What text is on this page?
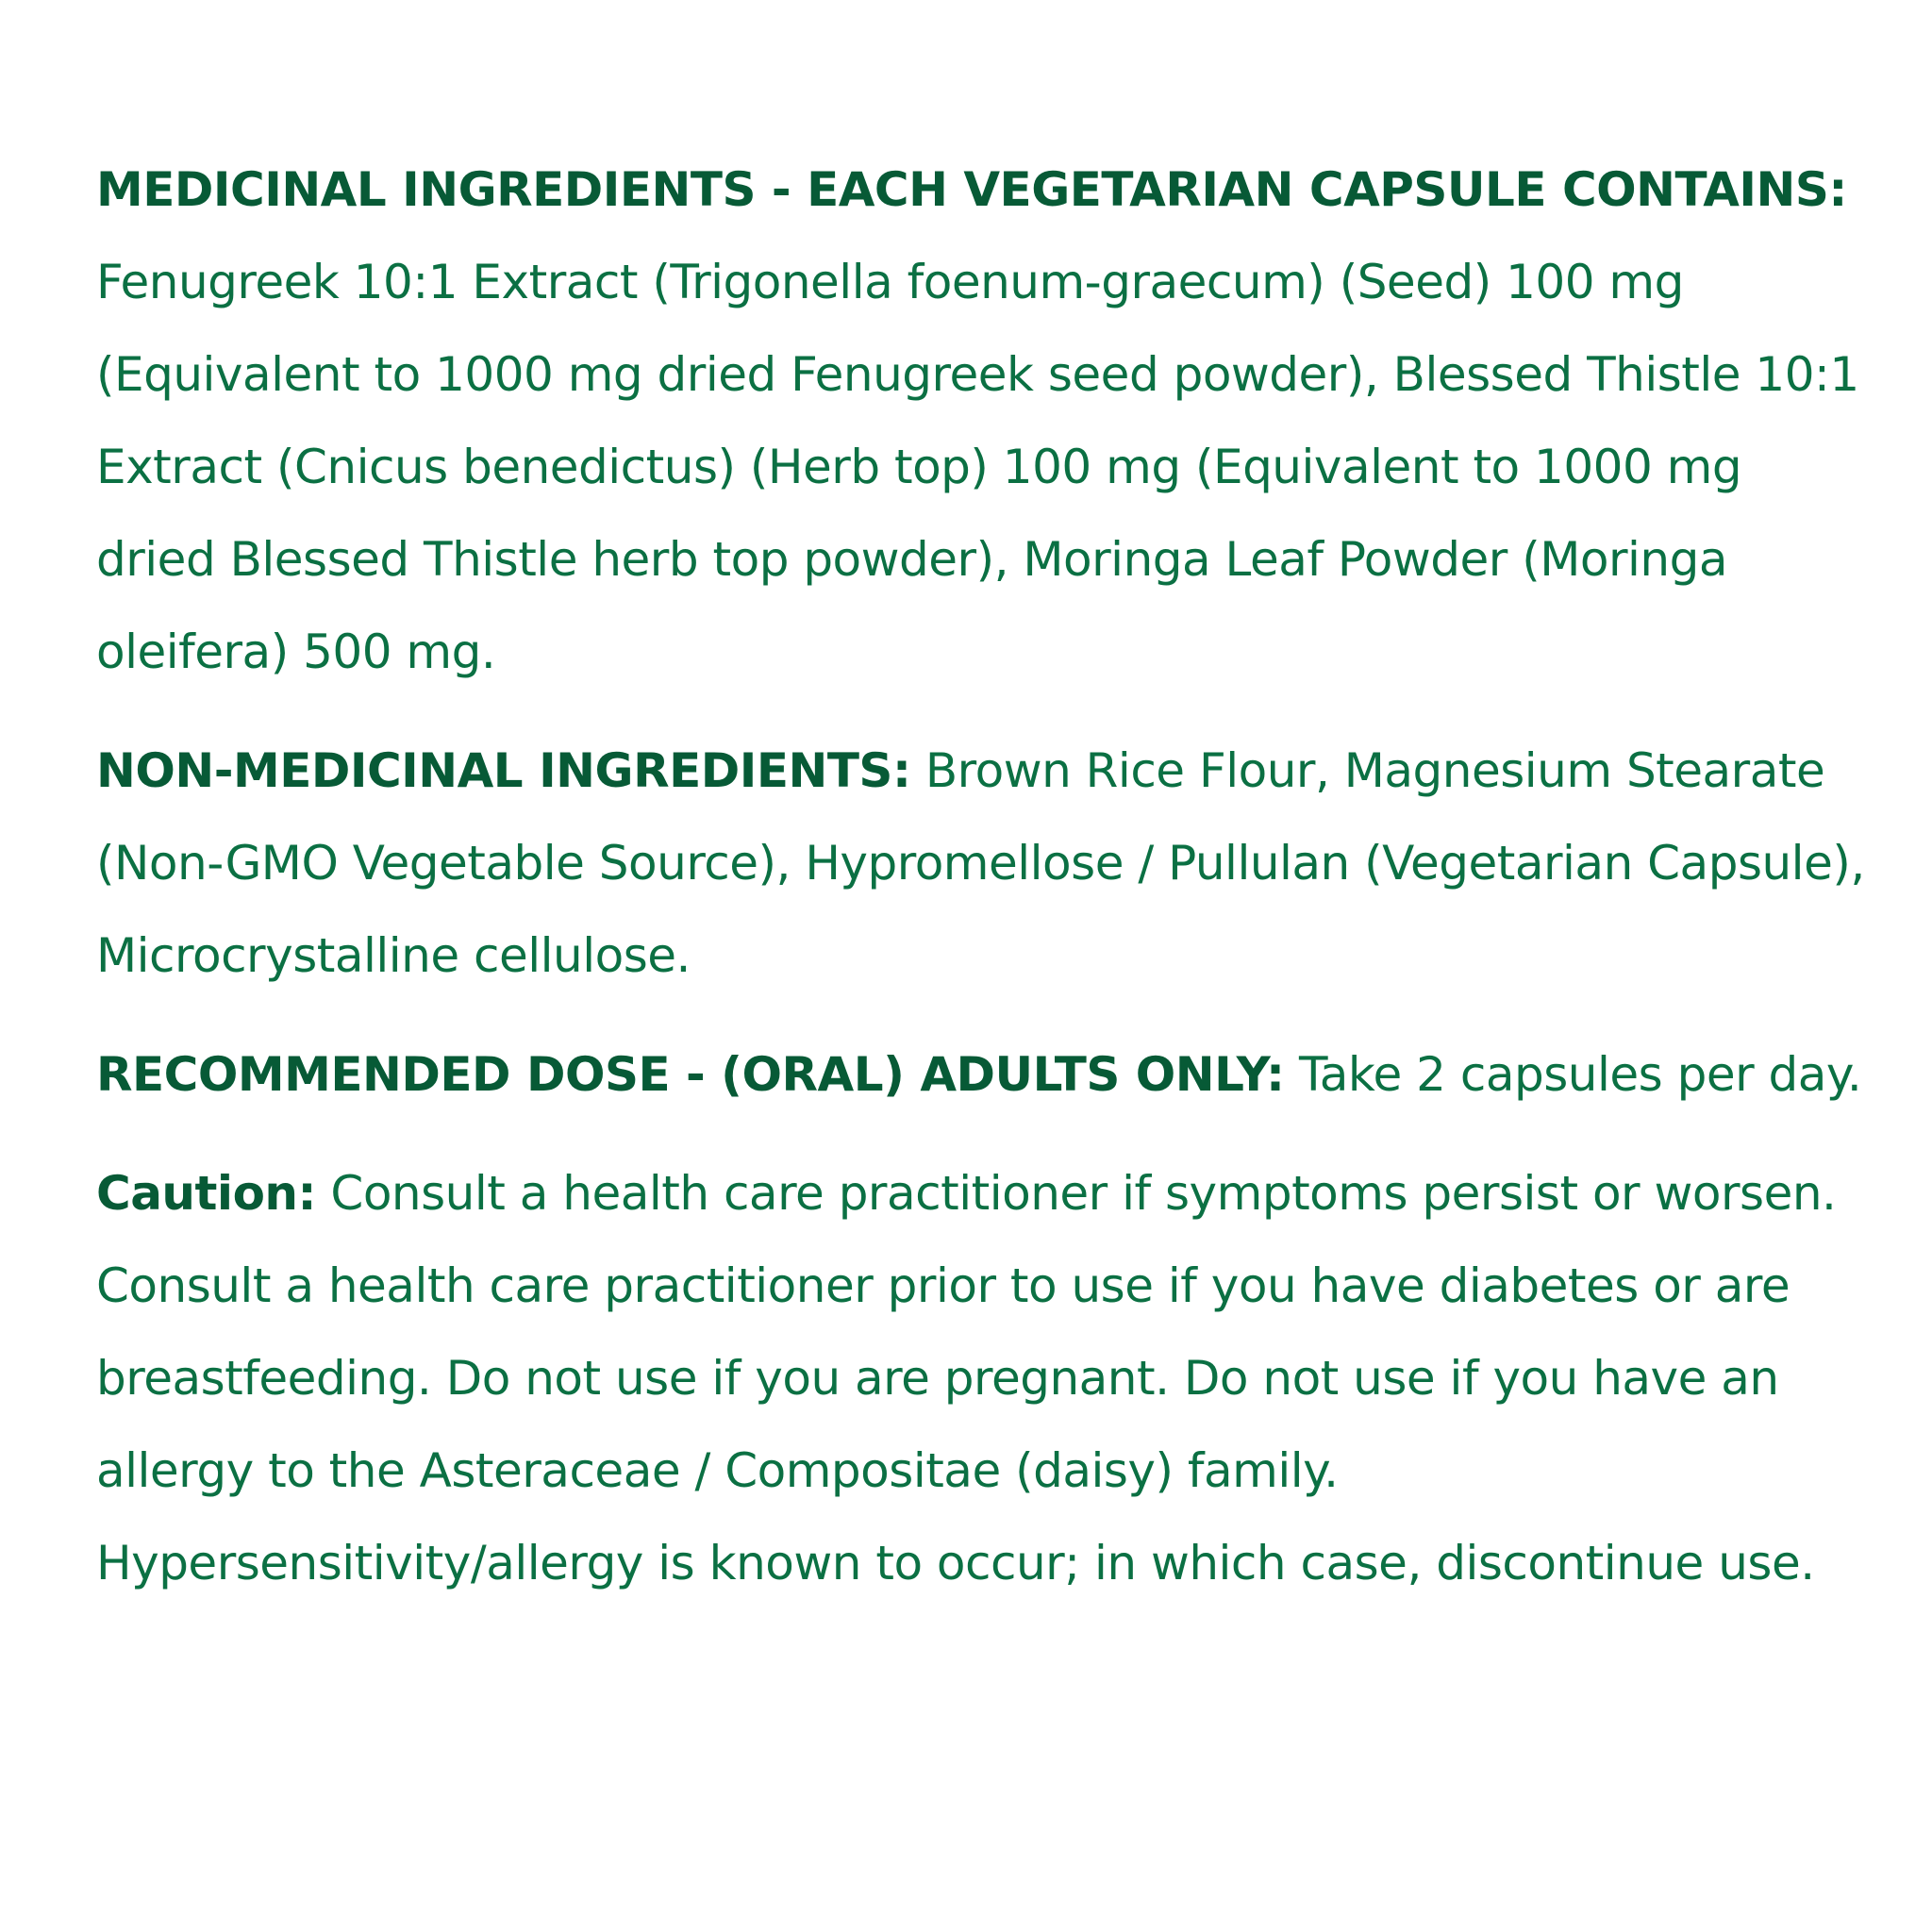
MEDICINAL INGREDIENTS - EACH VEGETARIAN CAPSULE CONTAINS: Fenugreek 10:1 Extract (Trigonella foenum-graecum) (Seed) 100 mg (Equivalent to 1000 mg dried Fenugreek seed powder), Blessed Thistle 10:1 Extract (Cnicus benedictus) (Herb top) 100 mg (Equivalent to 1000 mg dried Blessed Thistle herb top powder), Moringa Leaf Powder (Moringa oleifera) 500 mg.

NON-MEDICINAL INGREDIENTS: Brown Rice Flour, Magnesium Stearate (Non-GMO Vegetable Source), Hypromellose / Pullulan (Vegetarian Capsule), Microcrystalline cellulose.

RECOMMENDED DOSE - (ORAL) ADULTS ONLY: Take 2 capsules per day.

Caution: Consult a health care practitioner if symptoms persist or worsen. Consult a health care practitioner prior to use if you have diabetes or are breastfeeding. Do not use if you are pregnant. Do not use if you have an allergy to the Asteraceae / Compositae (daisy) family. Hypersensitivity/allergy is known to occur; in which case, discontinue use.
